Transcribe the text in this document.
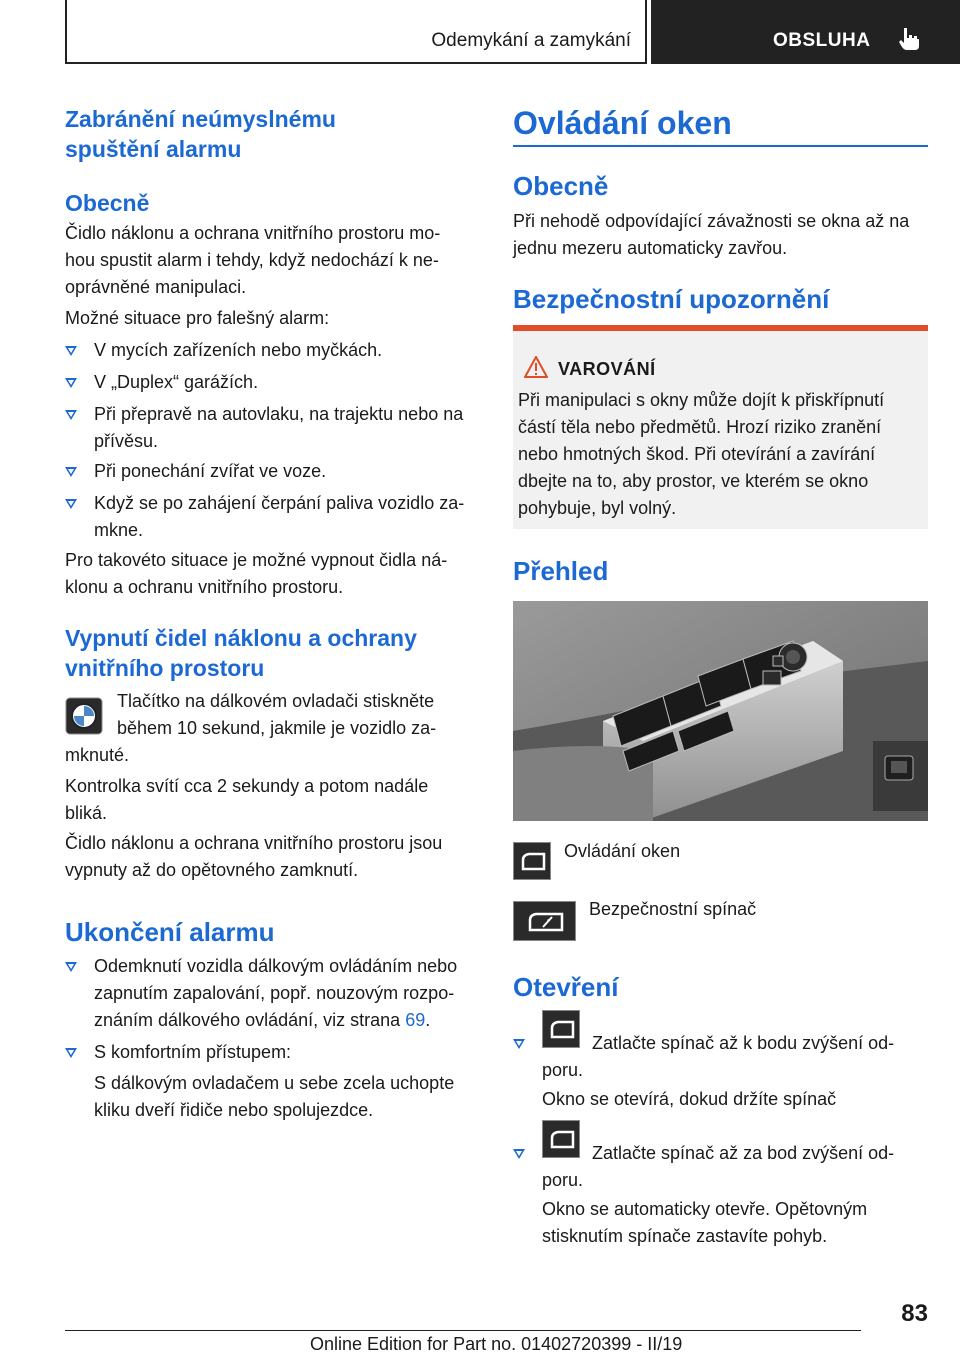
Odemykání a zamykání	OBSLUHA
Zabránění neúmyslnému
spuštění alarmu
Obecně

Čidlo náklonu a ochrana vnitřního prostoru mo-
hou spustit alarm i tehdy, když nedochází k ne-
oprávněné manipulaci.

Možné situace pro falešný alarm:

V mycích zařízeních nebo myčkách.
V „Duplex“ garážích.
Při přepravě na autovlaku, na trajektu nebo na
přívěsu.
Při ponechání zvířat ve voze.
Když se po zahájení čerpání paliva vozidlo za-
mkne.

Pro takovéto situace je možné vypnout čidla ná-
klonu a ochranu vnitřního prostoru.

Vypnutí čidel náklonu a ochrany
vnitřního prostoru

Tlačítko na dálkovém ovladači stiskněte
během 10 sekund, jakmile je vozidlo za-

mknuté.

Kontrolka svítí cca 2 sekundy a potom nadále
bliká.

Čidlo náklonu a ochrana vnitřního prostoru jsou
vypnuty až do opětovného zamknutí.

Ukončení alarmu
Odemknutí vozidla dálkovým ovládáním nebo
zapnutím zapalování, popř. nouzovým rozpo-
znáním dálkového ovládání, viz strana 69.
S komfortním přístupem:

S dálkovým ovladačem u sebe zcela uchopte
kliku dveří řidiče nebo spolujezdce.

Ovládání oken
Obecně

Při nehodě odpovídající závažnosti se okna až na
jednu mezeru automaticky zavřou.

Bezpečnostní upozornění
VAROVÁNÍ
Při manipulaci s okny může dojít k přiskřípnutí
částí těla nebo předmětů. Hrozí riziko zranění
nebo hmotných škod. Při otevírání a zavírání
dbejte na to, aby prostor, ve kterém se okno
pohybuje, byl volný.
Přehled
Ovládání oken
Bezpečnostní spínač
Otevření
Zatlačte spínač až k bodu zvýšení od-
poru.
Okno se otevírá, dokud držíte spínač
Zatlačte spínač až za bod zvýšení od-
poru.

Okno se automaticky otevře. Opětovným
stisknutím spínače zastavíte pohyb.

83
Online Edition for Part no. 01402720399 - II/19
